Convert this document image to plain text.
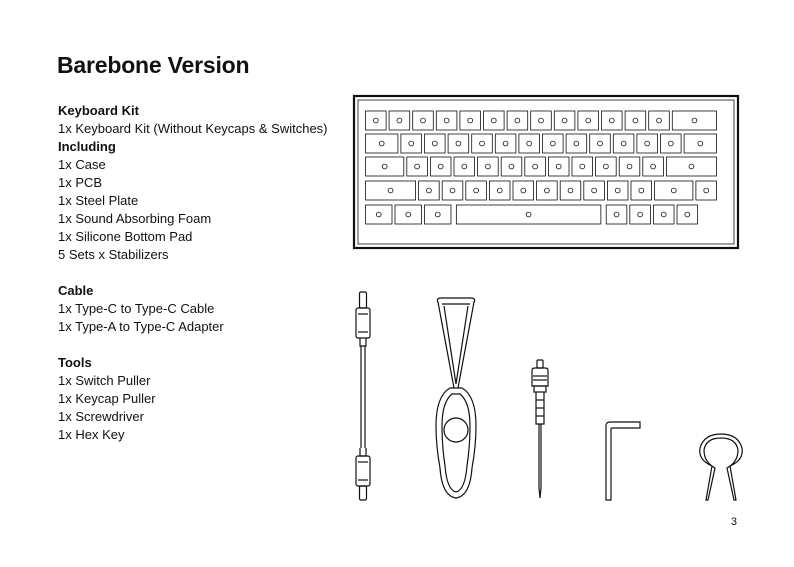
Barebone Version
Keyboard Kit
1x Keyboard Kit (Without Keycaps & Switches)
Including
1x Case
1x PCB
1x Steel Plate
1x Sound Absorbing Foam
1x Silicone Bottom Pad
5 Sets x Stabilizers
Cable
1x Type-C to Type-C Cable
1x Type-A to Type-C Adapter
Tools
1x Switch Puller
1x Keycap Puller
1x Screwdriver
1x Hex Key
3
